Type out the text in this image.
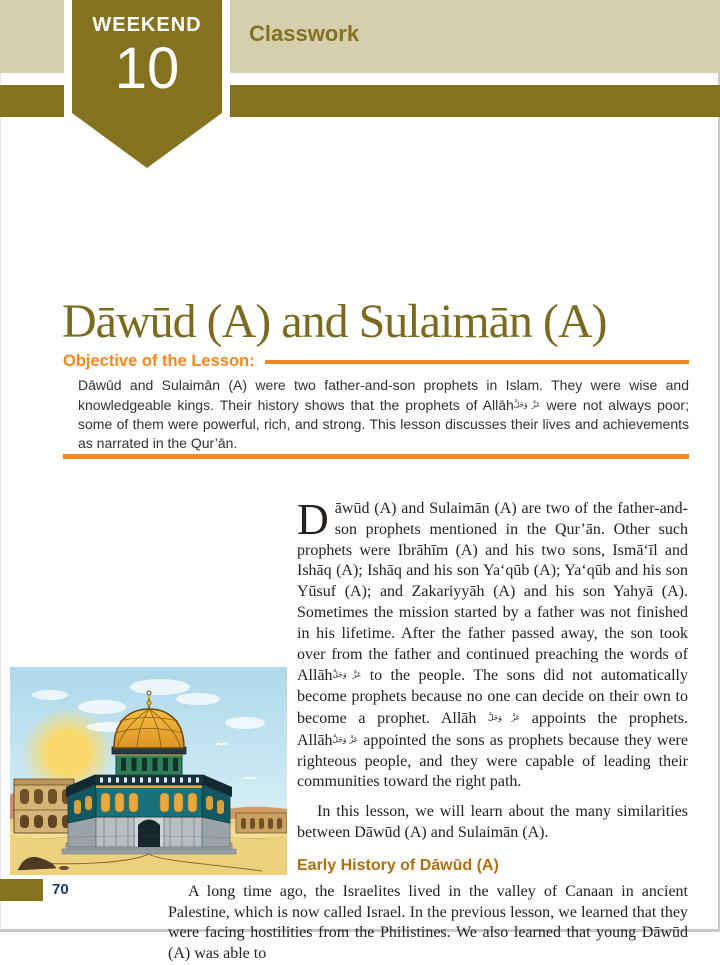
Classwork
WEEKEND
10
Dāwūd (A) and Sulaimān (A)
Objective of the Lesson:
Dāwūd and Sulaimān (A) were two father-and-son prophets in Islam. They were wise and knowledgeable kings. Their history shows that the prophets of Allāh$^{عَزَّ وَجَلَّ}$ were not always poor; some of them were powerful, rich, and strong. This lesson discusses their lives and achievements as narrated in the Qur’ān.

Dāwūd (A) and Sulaimān (A) are two of the father-and-son prophets mentioned in the Qur’ān. Other such prophets were Ibrāhīm (A) and his two sons, Ismā‘īl and Ishāq (A); Ishāq and his son Ya‘qūb (A); Ya‘qūb and his son Yūsuf (A); and Zakariyyāh (A) and his son Yahyā (A). Sometimes the mission started by a father was not finished in his lifetime. After the father passed away, the son took over from the father and continued preaching the words of Allāhعَزَّ وَجَلَّ to the people. The sons did not automatically become prophets because no one can decide on their own to become a prophet. Allāh عَزَّ وَجَلَّ appoints the prophets. Allāhعَزَّ وَجَلَّ appointed the sons as prophets because they were righteous people, and they were capable of leading their communities toward the right path.

In this lesson, we will learn about the many similarities between Dāwūd (A) and Sulaimān (A).

Early History of Dāwūd (A)

A long time ago, the Israelites lived in the valley of Canaan in ancient Palestine, which is now called Israel. In the previous lesson, we learned that they were facing hostilities from the Philistines. We also learned that young Dāwūd (A) was able to

70
